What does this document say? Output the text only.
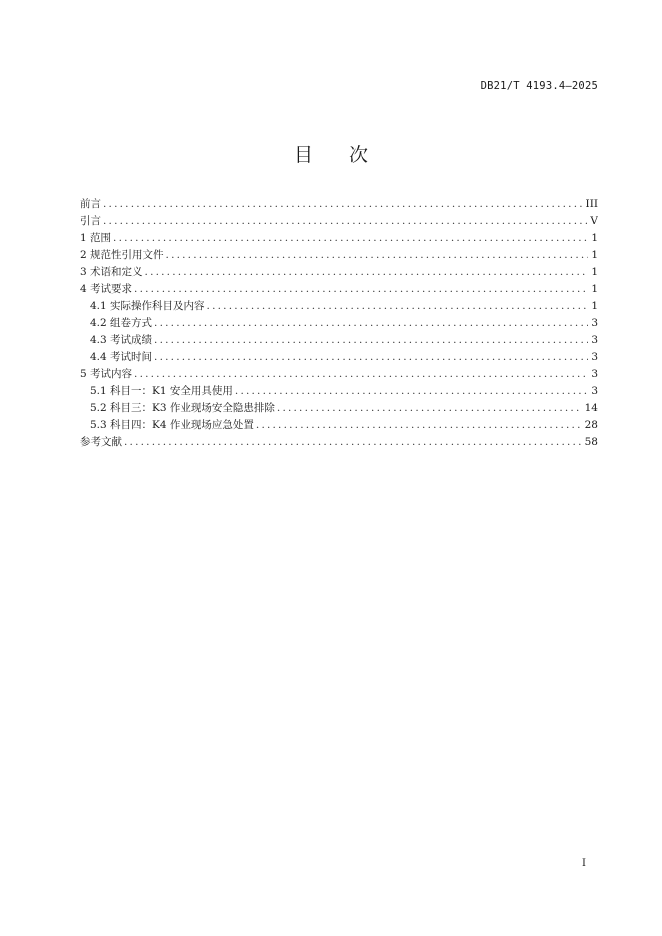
DB21/T 4193.4—2025
目 次
前言 .....	III
引言 .....	V
1 范围 .....	1
2 规范性引用文件 .....	1
3 术语和定义 .....	1
4 考试要求 .....	1
4.1 实际操作科目及内容 .....	1
4.2 组卷方式 .....	3
4.3 考试成绩 .....	3
4.4 考试时间 .....	3
5 考试内容 .....	3
5.1 科目一：K1 安全用具使用 .....	3
5.2 科目三：K3 作业现场安全隐患排除 .....	14
5.3 科目四：K4 作业现场应急处置 .....	28
参考文献 .....	58
I
